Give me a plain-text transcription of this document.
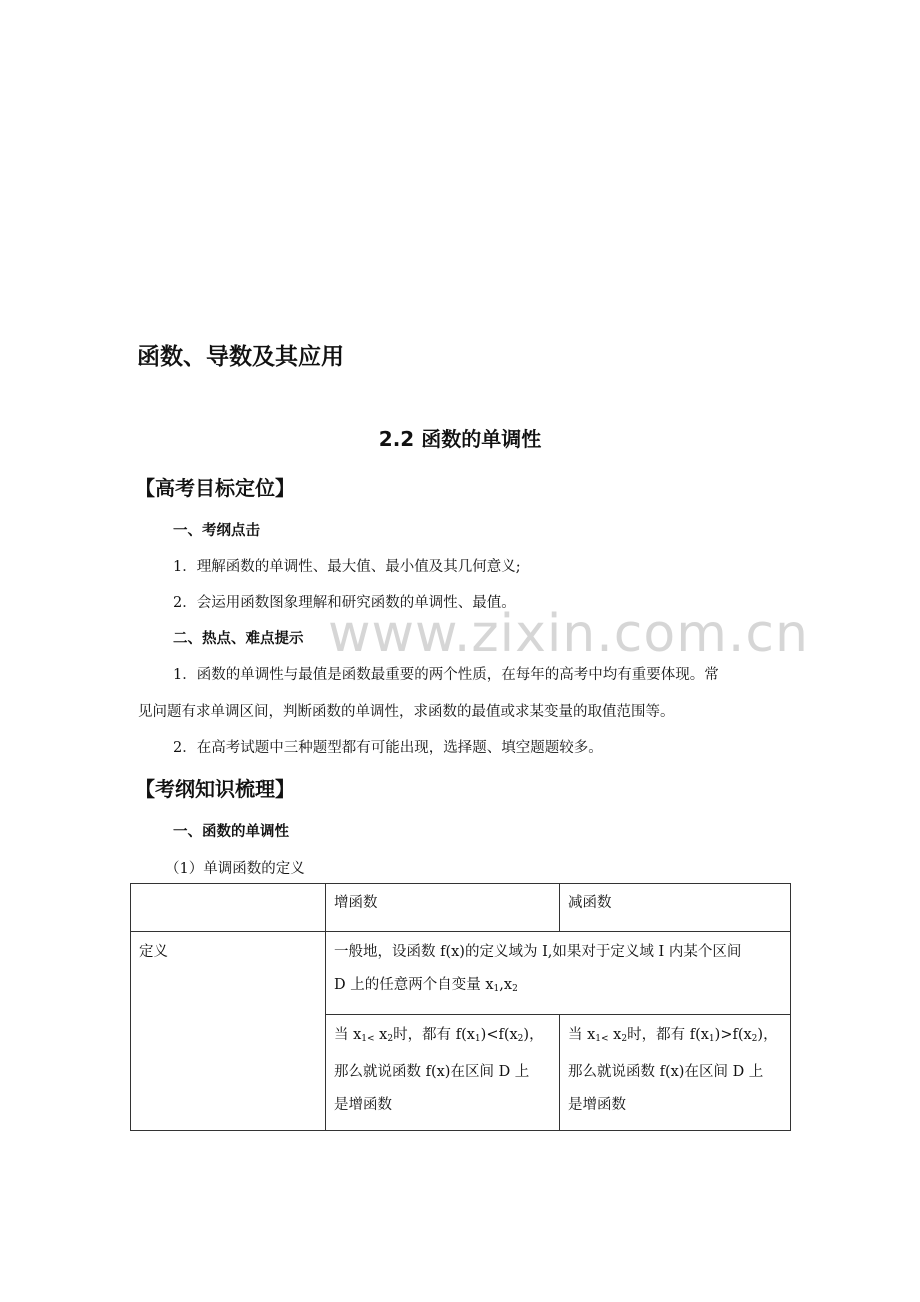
函数、导数及其应用
2.2 函数的单调性
【高考目标定位】
一、考纲点击
1．理解函数的单调性、最大值、最小值及其几何意义;
2．会运用函数图象理解和研究函数的单调性、最值。
二、热点、难点提示 www.zixin.com.cn
1．函数的单调性与最值是函数最重要的两个性质，在每年的高考中均有重要体现。常
见问题有求单调区间，判断函数的单调性，求函数的最值或求某变量的取值范围等。
2．在高考试题中三种题型都有可能出现，选择题、填空题题较多。
【考纲知识梳理】
一、函数的单调性
（1）单调函数的定义
	增函数	减函数
定义	一般地，设函数 f(x)的定义域为 I,如果对于定义域 I 内某个区间
D 上的任意两个自变量 $x_1,x_2$
	当 $x_{1<}$ $x_2$时，都有 $f(x_1)<f(x_2)$，
那么就说函数 f(x)在区间 D 上
是增函数	当 $x_{1<}$ $x_2$时，都有 $f(x_1)>f(x_2)$，
那么就说函数 f(x)在区间 D 上
是增函数
